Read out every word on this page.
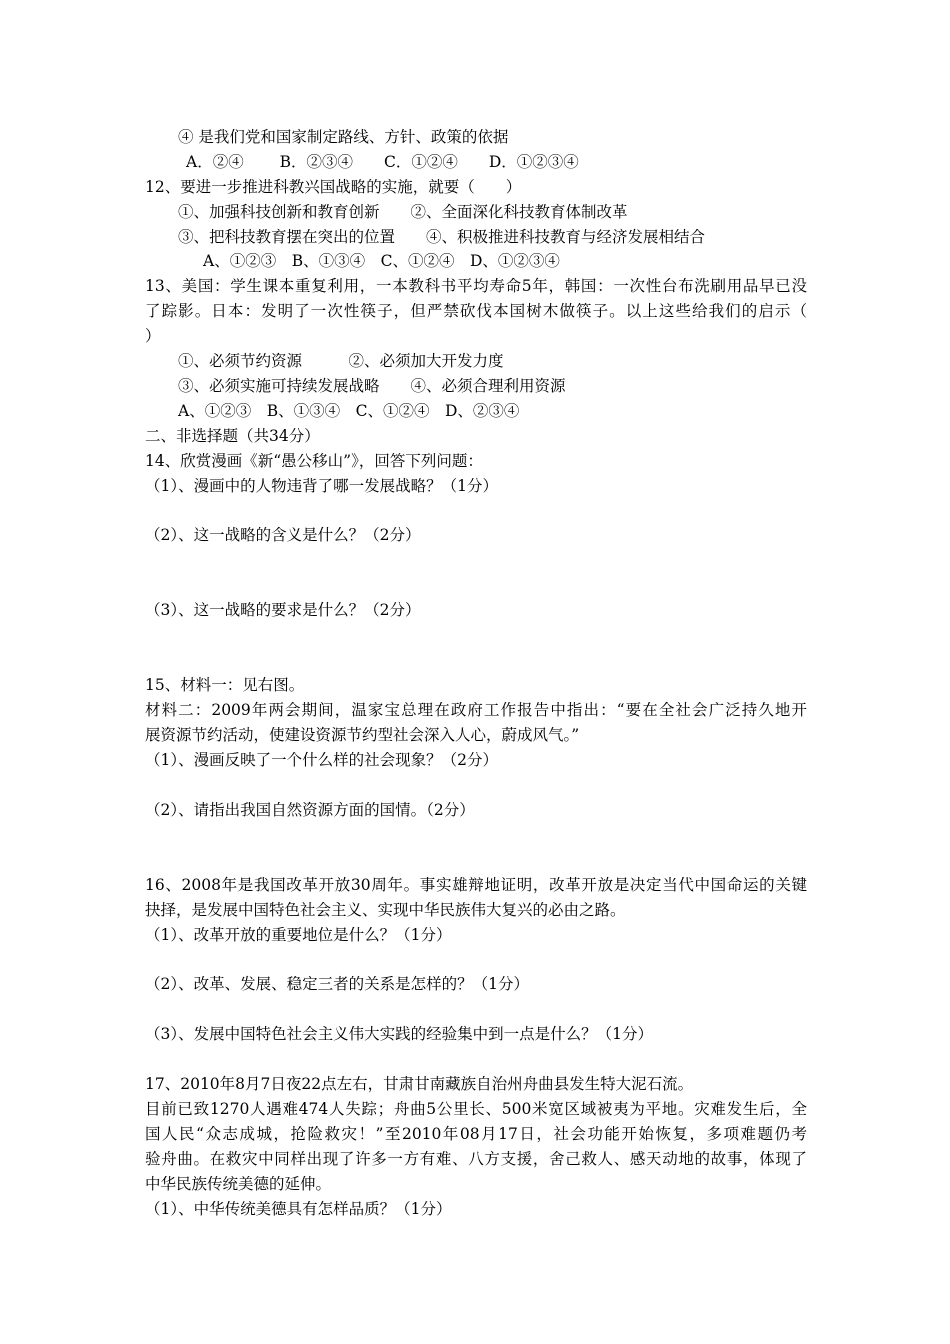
④ 是我们党和国家制定路线、方针、政策的依据
A．②④　　 B．②③④　　C．①②④　　D．①②③④
12、要进一步推进科教兴国战略的实施，就要（　　）
①、加强科技创新和教育创新　　②、全面深化科技教育体制改革
③、把科技教育摆在突出的位置　　④、积极推进科技教育与经济发展相结合
A、①②③　B、①③④　C、①②④　D、①②③④
13、美国：学生课本重复利用，一本教科书平均寿命5年，韩国：一次性台布洗刷用品早已没
了踪影。日本：发明了一次性筷子，但严禁砍伐本国树木做筷子。以上这些给我们的启示（
）
①、必须节约资源　　　②、必须加大开发力度
③、必须实施可持续发展战略　　④、必须合理利用资源
A、①②③　B、①③④　C、①②④　D、②③④
二、非选择题（共34分）
14、欣赏漫画《新“愚公移山”》，回答下列问题：
（1）、漫画中的人物违背了哪一发展战略？（1分）
（2）、这一战略的含义是什么？（2分）
（3）、这一战略的要求是什么？（2分）
15、材料一：见右图。
材料二：2009年两会期间，温家宝总理在政府工作报告中指出：“要在全社会广泛持久地开
展资源节约活动，使建设资源节约型社会深入人心，蔚成风气。”
（1）、漫画反映了一个什么样的社会现象？（2分）
（2）、请指出我国自然资源方面的国情。（2分）
16、2008年是我国改革开放30周年。事实雄辩地证明，改革开放是决定当代中国命运的关键
抉择，是发展中国特色社会主义、实现中华民族伟大复兴的必由之路。
（1）、改革开放的重要地位是什么？（1分）
（2）、改革、发展、稳定三者的关系是怎样的？（1分）
（3）、发展中国特色社会主义伟大实践的经验集中到一点是什么？（1分）
17、2010年8月7日夜22点左右，甘肃甘南藏族自治州舟曲县发生特大泥石流。
目前已致1270人遇难474人失踪；舟曲5公里长、500米宽区域被夷为平地。灾难发生后，全
国人民“众志成城，抢险救灾！”至2010年08月17日，社会功能开始恢复，多项难题仍考
验舟曲。在救灾中同样出现了许多一方有难、八方支援，舍己救人、感天动地的故事，体现了
中华民族传统美德的延伸。
（1）、中华传统美德具有怎样品质？（1分）
